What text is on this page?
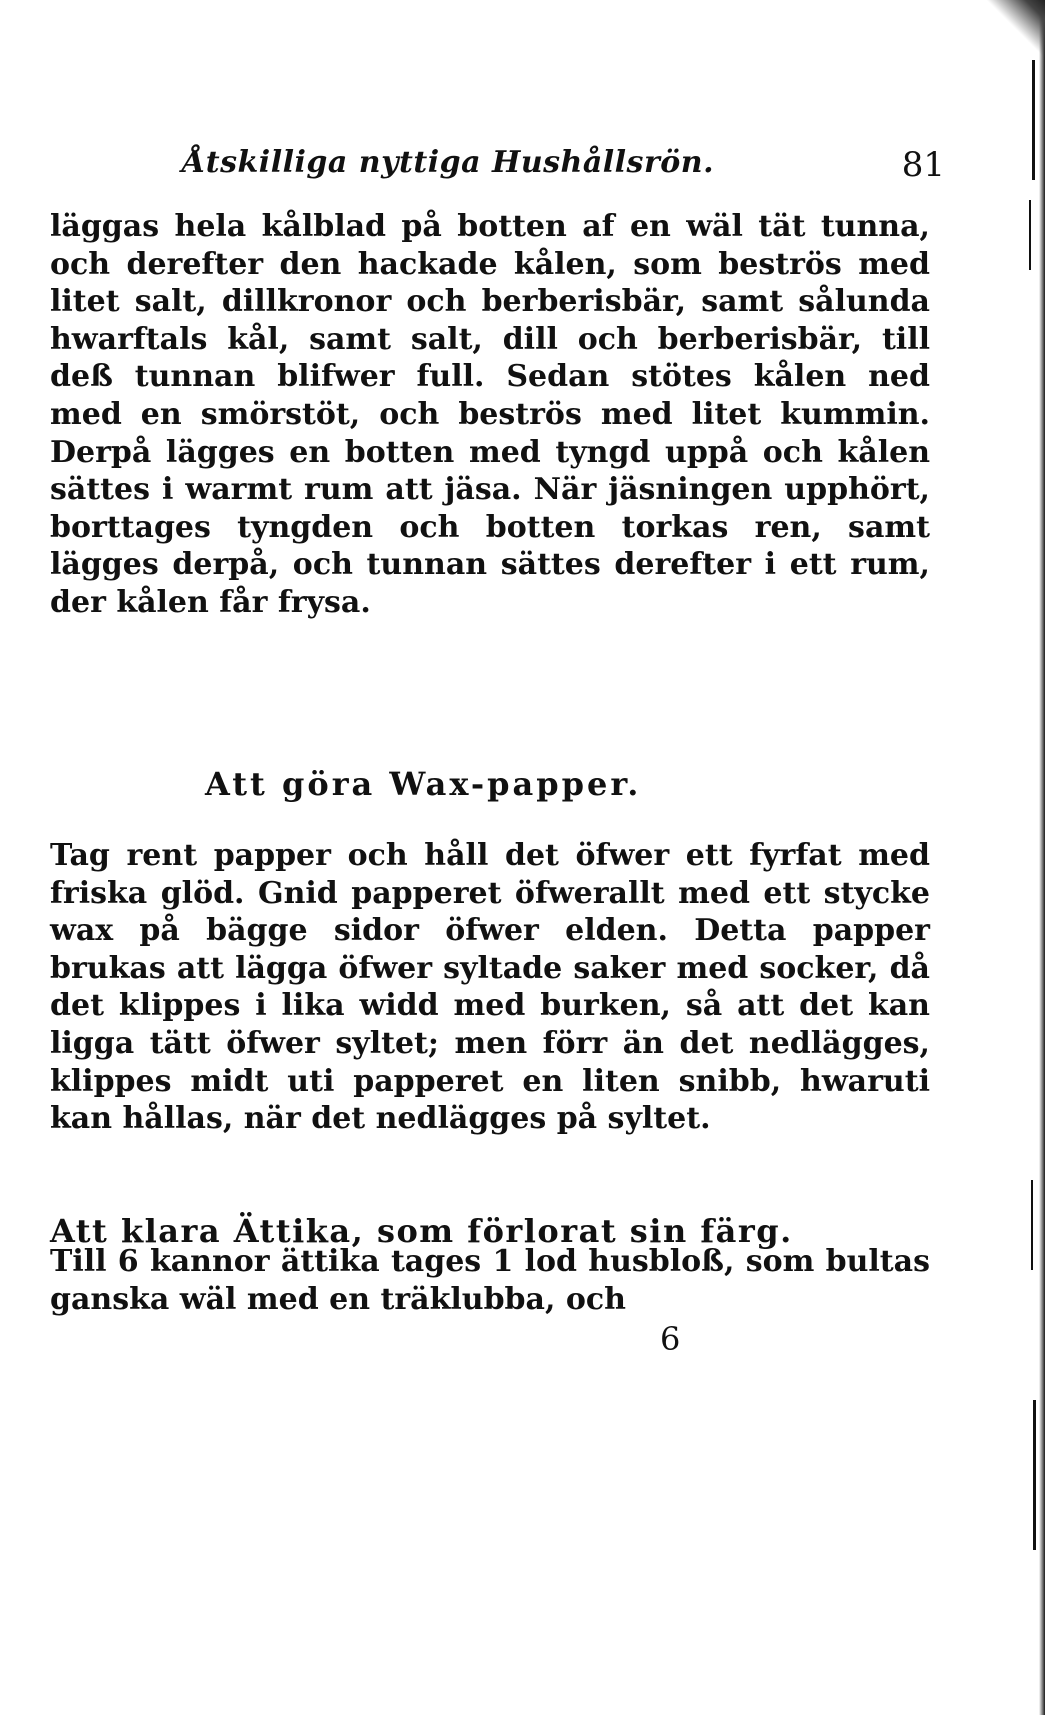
Åtskilliga nyttiga Hushållsrön.	81

läggas hela kålblad på botten af en wäl tät tunna, och derefter den hackade kålen, som beströs med litet salt, dillkronor och berberisbär, samt sålunda hwarftals kål, samt salt, dill och berberisbär, till deß tunnan blifwer full. Sedan stötes kålen ned med en smörstöt, och beströs med litet kummin. Derpå lägges en botten med tyngd uppå och kålen sättes i warmt rum att jäsa. När jäsningen upphört, borttages tyngden och botten torkas ren, samt lägges derpå, och tunnan sättes derefter i ett rum, der kålen får frysa.

Att göra Wax-papper.

Tag rent papper och håll det öfwer ett fyrfat med friska glöd. Gnid papperet öfwerallt med ett stycke wax på bägge sidor öfwer elden. Detta papper brukas att lägga öfwer syltade saker med socker, då det klippes i lika widd med burken, så att det kan ligga tätt öfwer syltet; men förr än det nedlägges, klippes midt uti papperet en liten snibb, hwaruti kan hållas, när det nedlägges på syltet.

Att klara Ättika, som förlorat sin färg.

Till 6 kannor ättika tages 1 lod husbloß, som bultas ganska wäl med en träklubba, och

6
